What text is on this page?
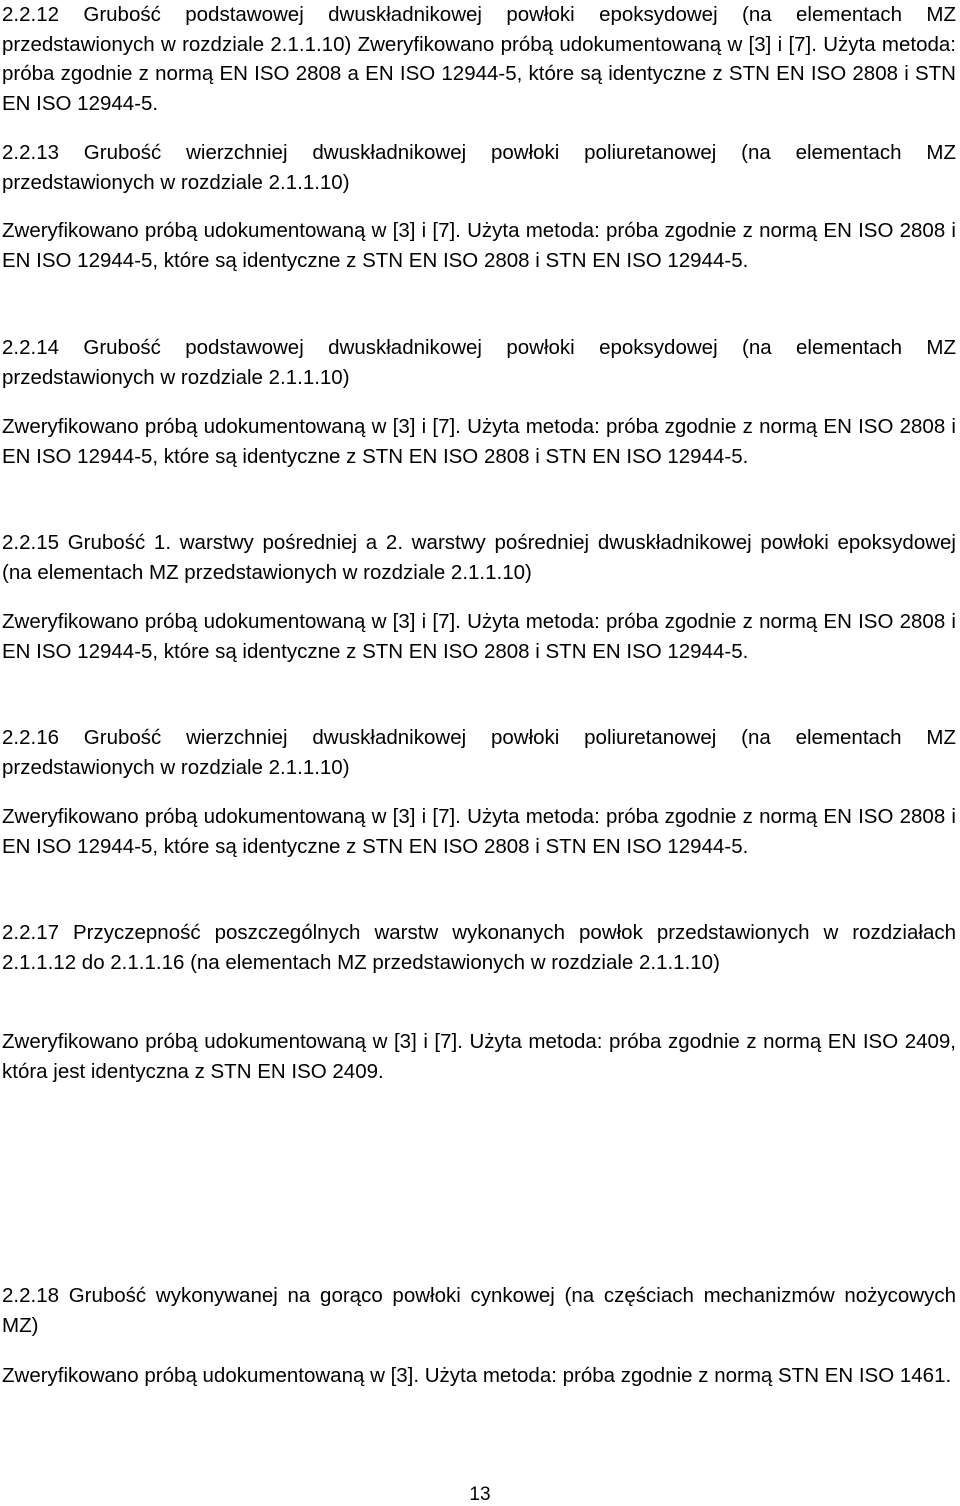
2.2.12 Grubość podstawowej dwuskładnikowej powłoki epoksydowej (na elementach MZ przedstawionych w rozdziale 2.1.1.10) Zweryfikowano próbą udokumentowaną w [3] i [7]. Użyta metoda: próba zgodnie z normą EN ISO 2808 a EN ISO 12944-5, które są identyczne z STN EN ISO 2808 i STN EN ISO 12944-5.

2.2.13 Grubość wierzchniej dwuskładnikowej powłoki poliuretanowej (na elementach MZ przedstawionych w rozdziale 2.1.1.10)

Zweryfikowano próbą udokumentowaną w [3] i [7]. Użyta metoda: próba zgodnie z normą EN ISO 2808 i EN ISO 12944-5, które są identyczne z STN EN ISO 2808 i STN EN ISO 12944-5.

2.2.14 Grubość podstawowej dwuskładnikowej powłoki epoksydowej (na elementach MZ przedstawionych w rozdziale 2.1.1.10)

Zweryfikowano próbą udokumentowaną w [3] i [7]. Użyta metoda: próba zgodnie z normą EN ISO 2808 i EN ISO 12944-5, które są identyczne z STN EN ISO 2808 i STN EN ISO 12944-5.

2.2.15 Grubość 1. warstwy pośredniej a 2. warstwy pośredniej dwuskładnikowej powłoki epoksydowej (na elementach MZ przedstawionych w rozdziale 2.1.1.10)

Zweryfikowano próbą udokumentowaną w [3] i [7]. Użyta metoda: próba zgodnie z normą EN ISO 2808 i EN ISO 12944-5, które są identyczne z STN EN ISO 2808 i STN EN ISO 12944-5.

2.2.16 Grubość wierzchniej dwuskładnikowej powłoki poliuretanowej (na elementach MZ przedstawionych w rozdziale 2.1.1.10)

Zweryfikowano próbą udokumentowaną w [3] i [7]. Użyta metoda: próba zgodnie z normą EN ISO 2808 i EN ISO 12944-5, które są identyczne z STN EN ISO 2808 i STN EN ISO 12944-5.

2.2.17 Przyczepność poszczególnych warstw wykonanych powłok przedstawionych w rozdziałach 2.1.1.12 do 2.1.1.16 (na elementach MZ przedstawionych w rozdziale 2.1.1.10)

Zweryfikowano próbą udokumentowaną w [3] i [7]. Użyta metoda: próba zgodnie z normą EN ISO 2409, która jest identyczna z STN EN ISO 2409.

2.2.18 Grubość wykonywanej na gorąco powłoki cynkowej (na częściach mechanizmów nożycowych MZ)

Zweryfikowano próbą udokumentowaną w [3]. Użyta metoda: próba zgodnie z normą STN EN ISO 1461.

13
